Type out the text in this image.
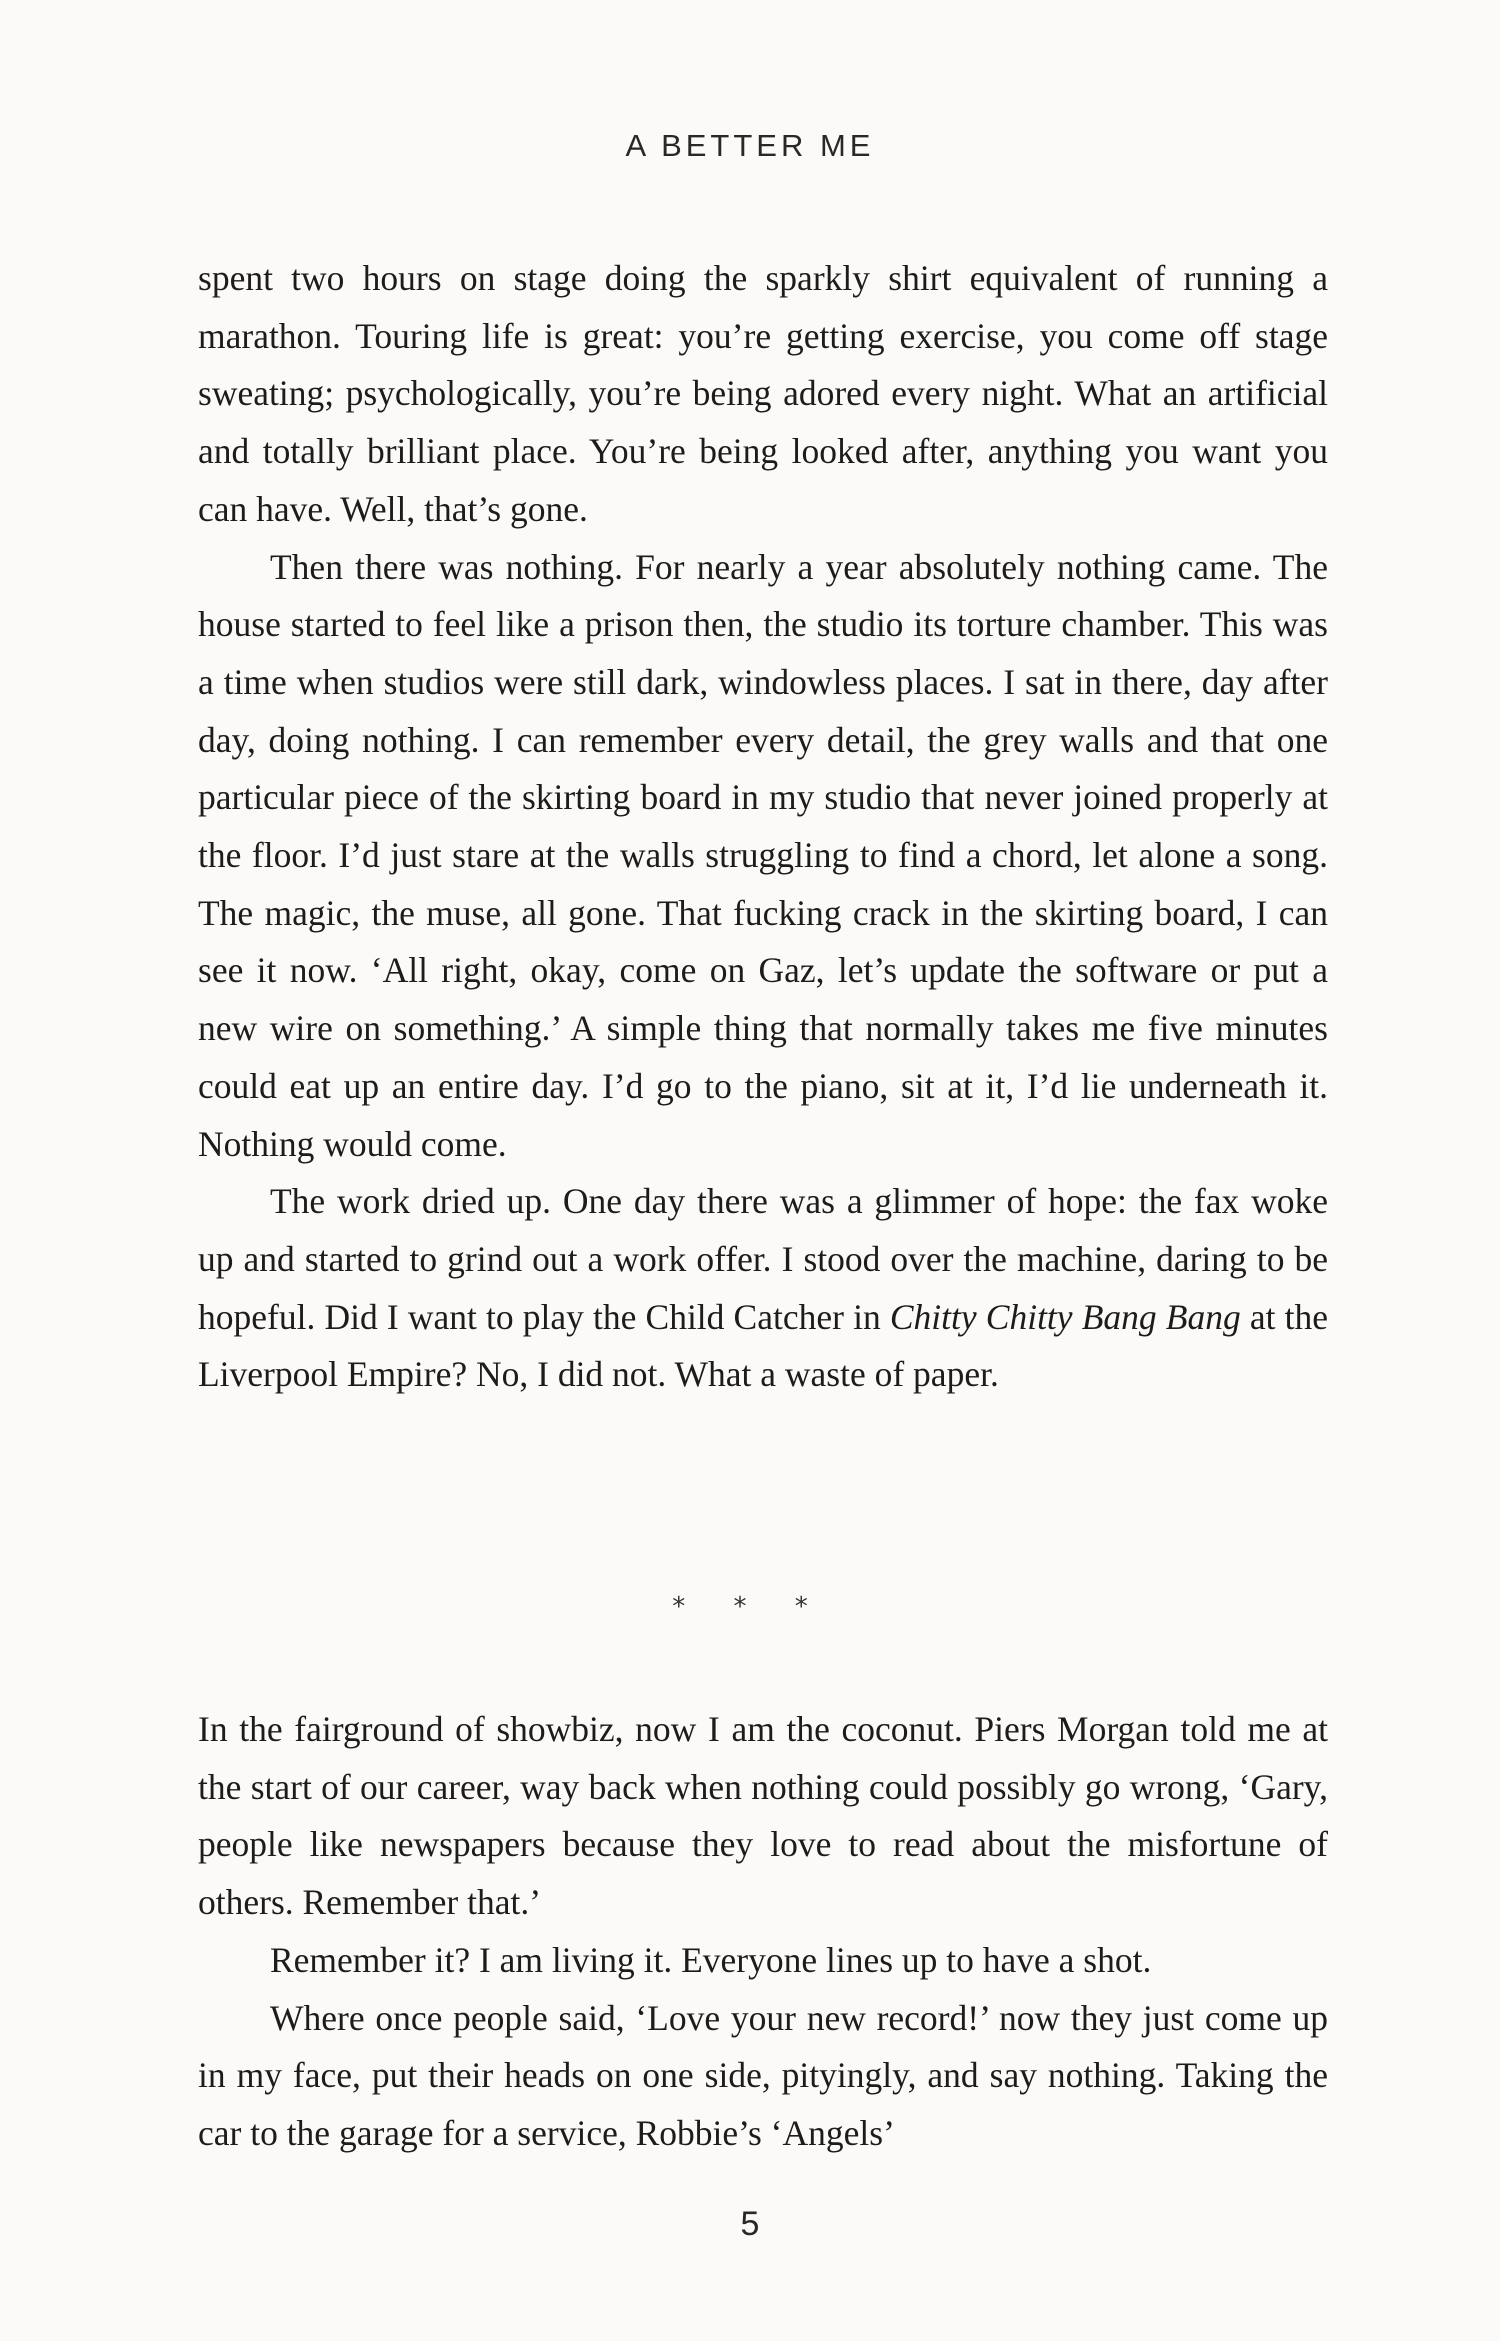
A BETTER ME

spent two hours on stage doing the sparkly shirt equivalent of running a marathon. Touring life is great: you’re getting exercise, you come off stage sweating; psychologically, you’re being adored every night. What an artificial and totally brilliant place. You’re being looked after, anything you want you can have. Well, that’s gone.

Then there was nothing. For nearly a year absolutely nothing came. The house started to feel like a prison then, the studio its torture chamber. This was a time when studios were still dark, windowless places. I sat in there, day after day, doing nothing. I can remember every detail, the grey walls and that one particular piece of the skirting board in my studio that never joined properly at the floor. I’d just stare at the walls struggling to find a chord, let alone a song. The magic, the muse, all gone. That fucking crack in the skirting board, I can see it now. ‘All right, okay, come on Gaz, let’s update the software or put a new wire on something.’ A simple thing that normally takes me five minutes could eat up an entire day. I’d go to the piano, sit at it, I’d lie underneath it. Nothing would come.

The work dried up. One day there was a glimmer of hope: the fax woke up and started to grind out a work offer. I stood over the machine, daring to be hopeful. Did I want to play the Child Catcher in Chitty Chitty Bang Bang at the Liverpool Empire? No, I did not. What a waste of paper.

* * *

In the fairground of showbiz, now I am the coconut. Piers Morgan told me at the start of our career, way back when nothing could possibly go wrong, ‘Gary, people like newspapers because they love to read about the misfortune of others. Remember that.’

Remember it? I am living it. Everyone lines up to have a shot.

Where once people said, ‘Love your new record!’ now they just come up in my face, put their heads on one side, pityingly, and say nothing. Taking the car to the garage for a service, Robbie’s ‘Angels’

5
